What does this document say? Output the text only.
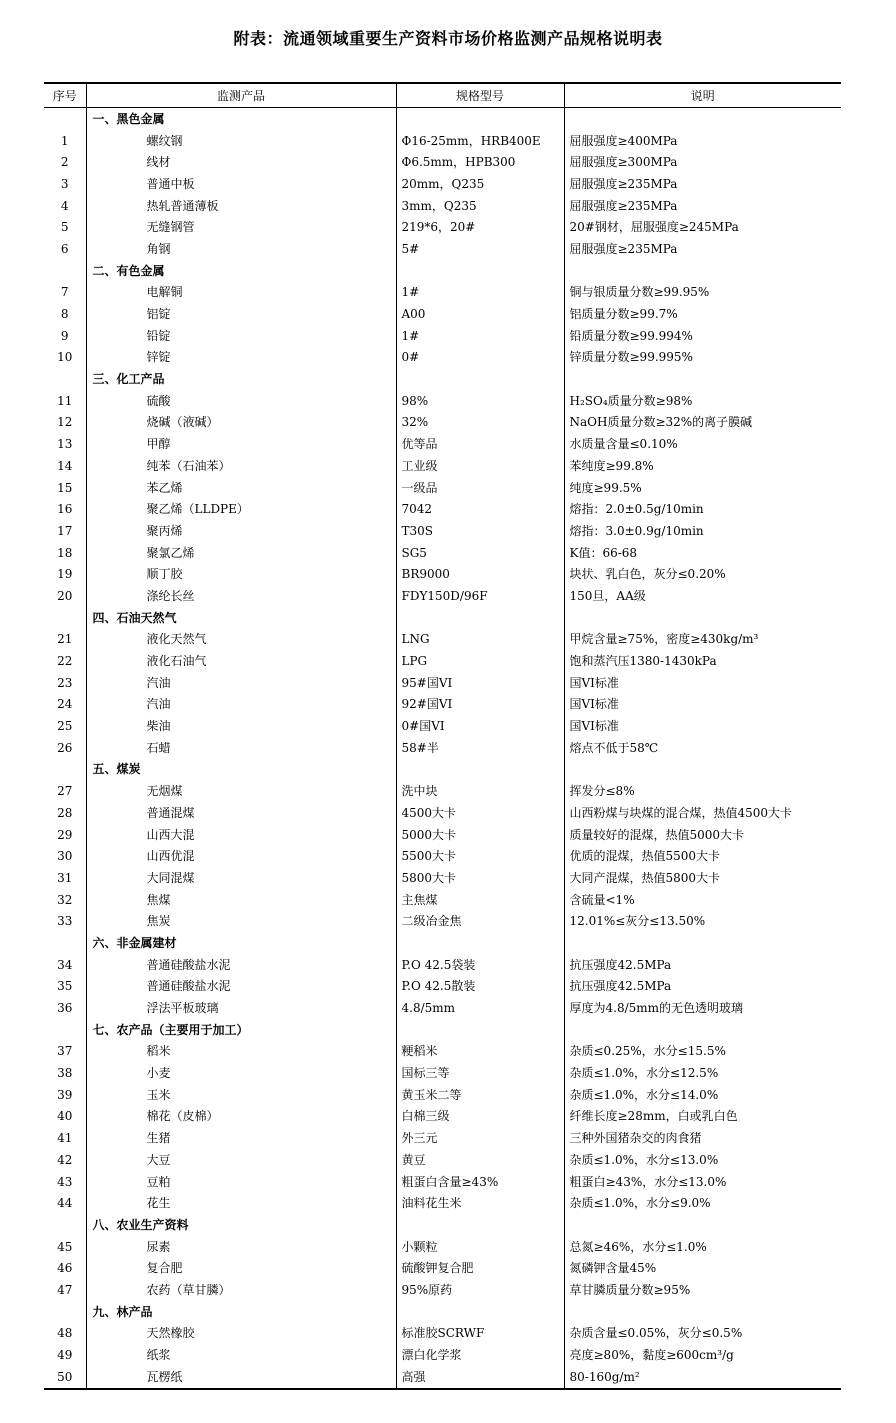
附表：流通领域重要生产资料市场价格监测产品规格说明表
序号	监测产品	规格型号	说明
	一、黑色金属		
1	螺纹钢	Φ16-25mm，HRB400E	屈服强度≥400MPa
2	线材	Φ6.5mm，HPB300	屈服强度≥300MPa
3	普通中板	20mm，Q235	屈服强度≥235MPa
4	热轧普通薄板	3mm，Q235	屈服强度≥235MPa
5	无缝钢管	219*6，20#	20#钢材，屈服强度≥245MPa
6	角钢	5#	屈服强度≥235MPa
	二、有色金属		
7	电解铜	1#	铜与银质量分数≥99.95%
8	铝锭	A00	铝质量分数≥99.7%
9	铅锭	1#	铅质量分数≥99.994%
10	锌锭	0#	锌质量分数≥99.995%
	三、化工产品		
11	硫酸	98%	H₂SO₄质量分数≥98%
12	烧碱（液碱）	32%	NaOH质量分数≥32%的离子膜碱
13	甲醇	优等品	水质量含量≤0.10%
14	纯苯（石油苯）	工业级	苯纯度≥99.8%
15	苯乙烯	一级品	纯度≥99.5%
16	聚乙烯（LLDPE）	7042	熔指：2.0±0.5g/10min
17	聚丙烯	T30S	熔指：3.0±0.9g/10min
18	聚氯乙烯	SG5	K值：66-68
19	顺丁胶	BR9000	块状、乳白色，灰分≤0.20%
20	涤纶长丝	FDY150D/96F	150旦，AA级
	四、石油天然气		
21	液化天然气	LNG	甲烷含量≥75%，密度≥430kg/m³
22	液化石油气	LPG	饱和蒸汽压1380-1430kPa
23	汽油	95#国VI	国VI标准
24	汽油	92#国VI	国VI标准
25	柴油	0#国VI	国VI标准
26	石蜡	58#半	熔点不低于58℃
	五、煤炭		
27	无烟煤	洗中块	挥发分≤8%
28	普通混煤	4500大卡	山西粉煤与块煤的混合煤，热值4500大卡
29	山西大混	5000大卡	质量较好的混煤，热值5000大卡
30	山西优混	5500大卡	优质的混煤，热值5500大卡
31	大同混煤	5800大卡	大同产混煤，热值5800大卡
32	焦煤	主焦煤	含硫量<1%
33	焦炭	二级冶金焦	12.01%≤灰分≤13.50%
	六、非金属建材		
34	普通硅酸盐水泥	P.O 42.5袋装	抗压强度42.5MPa
35	普通硅酸盐水泥	P.O 42.5散装	抗压强度42.5MPa
36	浮法平板玻璃	4.8/5mm	厚度为4.8/5mm的无色透明玻璃
	七、农产品（主要用于加工）		
37	稻米	粳稻米	杂质≤0.25%，水分≤15.5%
38	小麦	国标三等	杂质≤1.0%，水分≤12.5%
39	玉米	黄玉米二等	杂质≤1.0%，水分≤14.0%
40	棉花（皮棉）	白棉三级	纤维长度≥28mm，白或乳白色
41	生猪	外三元	三种外国猪杂交的肉食猪
42	大豆	黄豆	杂质≤1.0%，水分≤13.0%
43	豆粕	粗蛋白含量≥43%	粗蛋白≥43%，水分≤13.0%
44	花生	油料花生米	杂质≤1.0%，水分≤9.0%
	八、农业生产资料		
45	尿素	小颗粒	总氮≥46%，水分≤1.0%
46	复合肥	硫酸钾复合肥	氮磷钾含量45%
47	农药（草甘膦）	95%原药	草甘膦质量分数≥95%
	九、林产品		
48	天然橡胶	标准胶SCRWF	杂质含量≤0.05%，灰分≤0.5%
49	纸浆	漂白化学浆	亮度≥80%，黏度≥600cm³/g
50	瓦楞纸	高强	80-160g/m²
